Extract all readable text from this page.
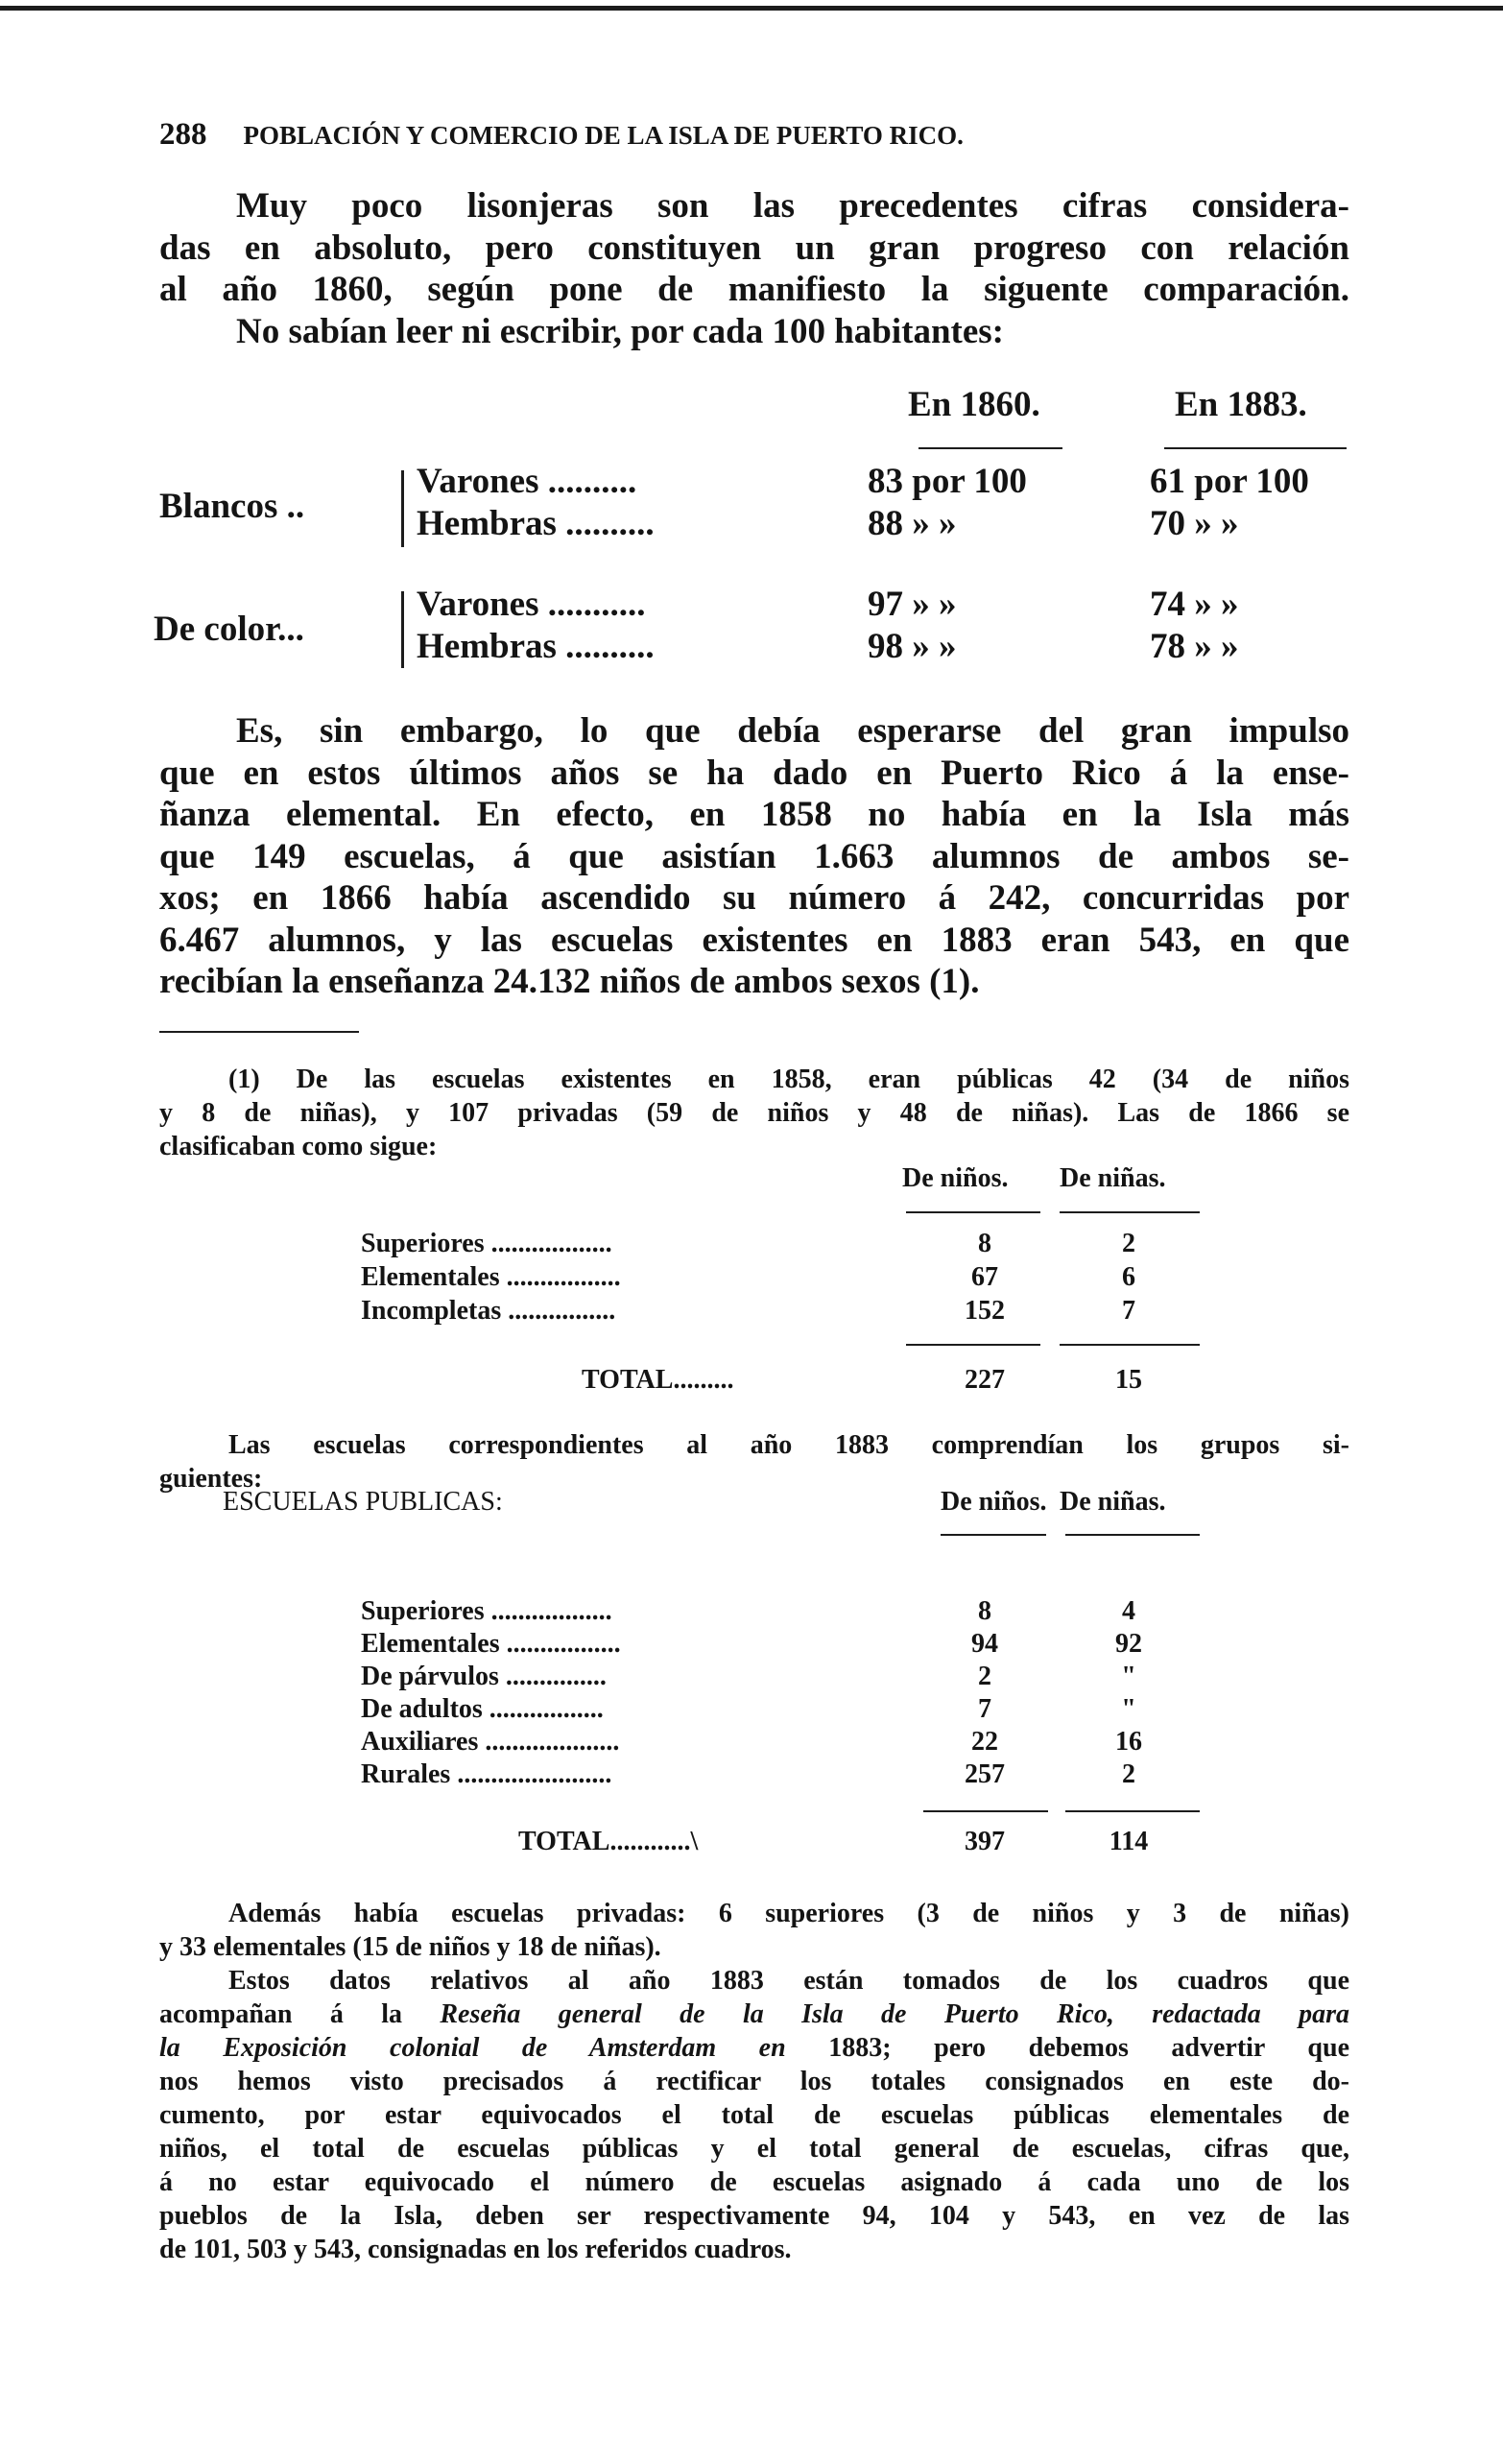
288 POBLACIÓN Y COMERCIO DE LA ISLA DE PUERTO RICO.
Muy poco lisonjeras son las precedentes cifras considera-
das en absoluto, pero constituyen un gran progreso con relación
al año 1860, según pone de manifiesto la siguente comparación.
No sabían leer ni escribir, por cada 100 habitantes:
En 1860.	En 1883.
Blancos ..
Varones ..........	83 por 100	61 por 100
Hembras ..........	88 » »	70 » »
De color...
Varones ...........	97 » »	74 » »
Hembras ..........	98 » »	78 » »
Es, sin embargo, lo que debía esperarse del gran impulso
que en estos últimos años se ha dado en Puerto Rico á la ense-
ñanza elemental. En efecto, en 1858 no había en la Isla más
que 149 escuelas, á que asistían 1.663 alumnos de ambos se-
xos; en 1866 había ascendido su número á 242, concurridas por
6.467 alumnos, y las escuelas existentes en 1883 eran 543, en que
recibían la enseñanza 24.132 niños de ambos sexos (1).
(1) De las escuelas existentes en 1858, eran públicas 42 (34 de niños
y 8 de niñas), y 107 privadas (59 de niños y 48 de niñas). Las de 1866 se
clasificaban como sigue:
De niños. De niñas.
Superiores ..................	8	2
Elementales .................	67	6
Incompletas ................	152	7
TOTAL.........	227	15
Las escuelas correspondientes al año 1883 comprendían los grupos si-
guientes:
ESCUELAS PUBLICAS:	De niños. De niñas.
Superiores ..................	8	4
Elementales .................	94	92
De párvulos ...............	2	"
De adultos .................	7	"
Auxiliares ....................	22	16
Rurales .......................	257	2
TOTAL............\	397	114
Además había escuelas privadas: 6 superiores (3 de niños y 3 de niñas)
y 33 elementales (15 de niños y 18 de niñas).
Estos datos relativos al año 1883 están tomados de los cuadros que
acompañan á la Reseña general de la Isla de Puerto Rico, redactada para
la Exposición colonial de Amsterdam en 1883; pero debemos advertir que
nos hemos visto precisados á rectificar los totales consignados en este do-
cumento, por estar equivocados el total de escuelas públicas elementales de
niños, el total de escuelas públicas y el total general de escuelas, cifras que,
á no estar equivocado el número de escuelas asignado á cada uno de los
pueblos de la Isla, deben ser respectivamente 94, 104 y 543, en vez de las
de 101, 503 y 543, consignadas en los referidos cuadros.
